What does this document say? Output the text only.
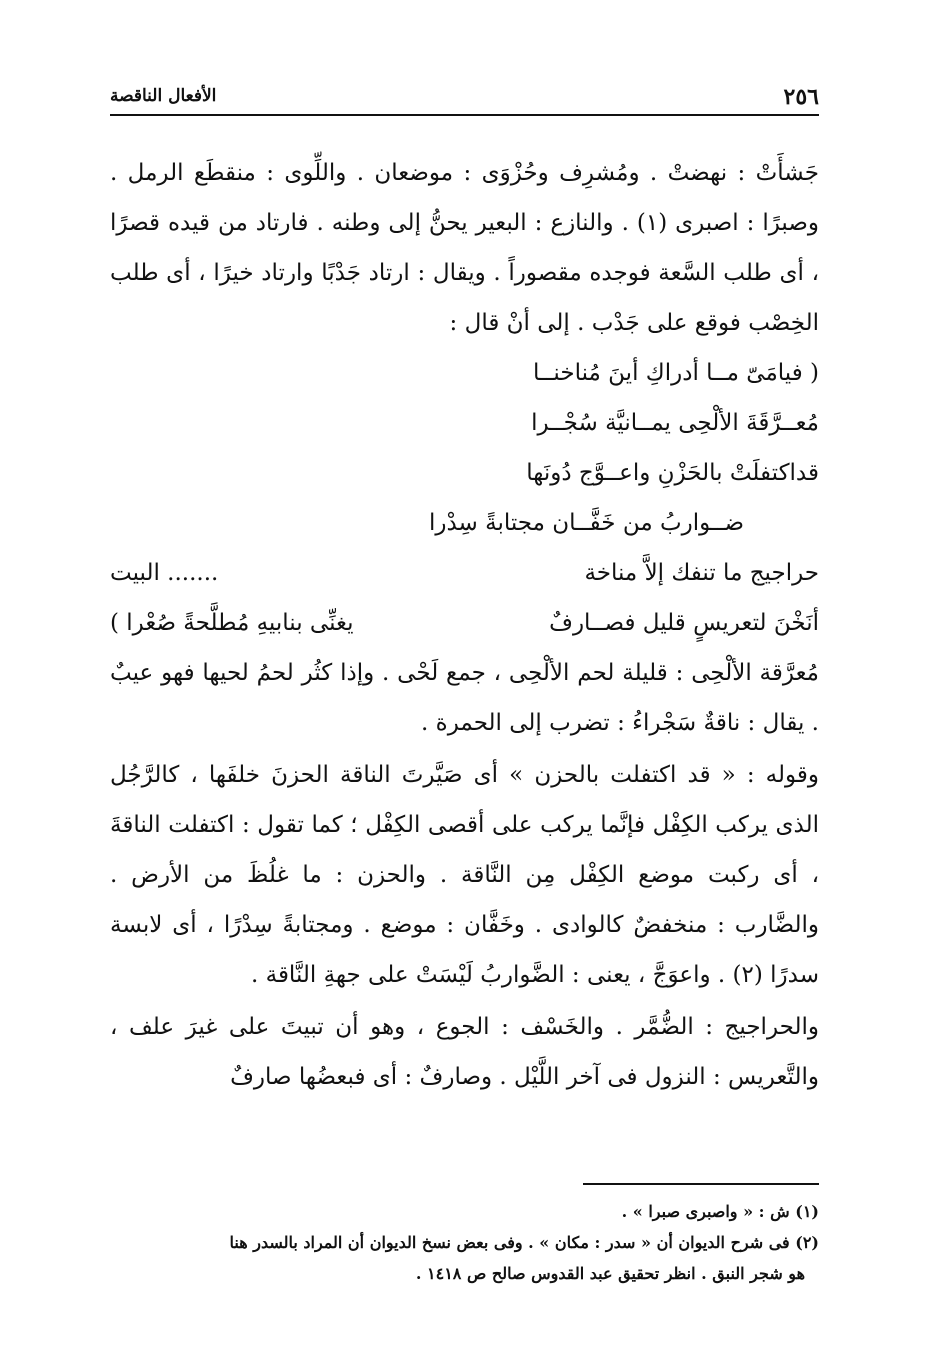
٢٥٦
الأفعال الناقصة

جَشأَتْ : نهضتْ . ومُشرِف وحُزْوَى : موضعان . واللِّوى : منقطَع الرمل . وصبرًا : اصبرى (١) . والنازع : البعير يحنُّ إلى وطنه . فارتاد من قيده قصرًا ، أى طلب السَّعة فوجده مقصوراً . ويقال : ارتاد جَدْبًا وارتاد خيرًا ، أى طلب الخِصْب فوقع على جَدْب . إلى أنْ قال :

( فيامَىّ مــا أدراكِ أينَ مُناخنــا
مُعــرَّقَةَ الألْحِى يمــانيَّة سُجْــرا
قداكتفلَتْ بالحَزْنِ واعــوَّج دُونَها
ضــواربُ من خَفَّــان مجتابةً سِدْرا
حراجيج ما تنفك إلاَّ مناخة
....... البيت
أنَخْنَ لتعريسٍ قليل فصــارفٌ
يغنِّى بنابيهِ مُطلَّحةً صُعْرا )

مُعرَّقة الألْحِى : قليلة لحم الألْحِى ، جمع لَحْى . وإذا كثُر لحمُ لحيها فهو عيبٌ . يقال : ناقةٌ سَجْراءُ : تضرب إلى الحمرة .

وقوله : « قد اكتفلت بالحزن » أى صَيَّرتَ الناقة الحزنَ خلفَها ، كالرَّجُل الذى يركب الكِفْل فإنَّما يركب على أقصى الكِفْل ؛ كما تقول : اكتفلت الناقةَ ، أى ركبت موضع الكِفْل مِن النَّاقة . والحزن : ما غلُظَ من الأرض . والضَّارب : منخفضٌ كالوادى . وخَفَّان : موضع . ومجتابةً سِدْرًا ، أى لابسة سدرًا (٢) . واعوَجَّ ، يعنى : الضَّواربُ لَيْسَتْ على جهةِ النَّاقة .

والحراجيج : الضُّمَّر . والخَسْف : الجوع ، وهو أن تبيتَ على غيرَ علف ، والتَّعريس : النزول فى آخر اللَّيْل . وصارفٌ : أى فبعضُها صارفٌ

(١) ش : « واصبرى صبرا » .

(٢) فى شرح الديوان أن « سدر : مكان » . وفى بعض نسخ الديوان أن المراد بالسدر هنا

هو شجر النبق . انظر تحقيق عبد القدوس صالح ص ١٤١٨ .
